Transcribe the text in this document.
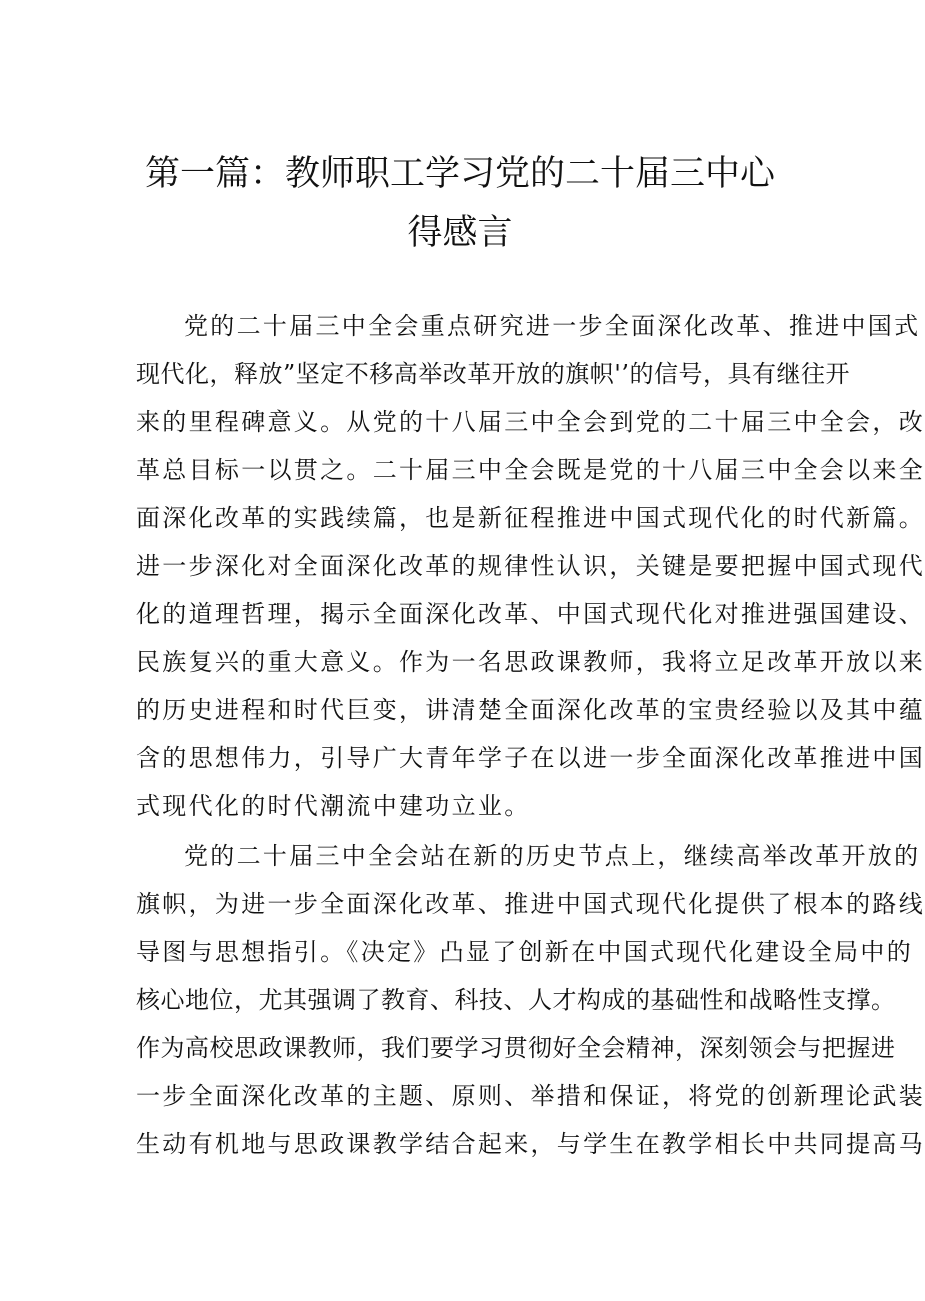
第一篇：教师职工学习党的二十届三中心
得感言
党的二十届三中全会重点研究进一步全面深化改革、推进中国式
现代化，释放”坚定不移高举改革开放的旗帜'’的信号，具有继往开
来的里程碑意义。从党的十八届三中全会到党的二十届三中全会，改
革总目标一以贯之。二十届三中全会既是党的十八届三中全会以来全
面深化改革的实践续篇，也是新征程推进中国式现代化的时代新篇。
进一步深化对全面深化改革的规律性认识，关键是要把握中国式现代
化的道理哲理，揭示全面深化改革、中国式现代化对推进强国建设、
民族复兴的重大意义。作为一名思政课教师，我将立足改革开放以来
的历史进程和时代巨变，讲清楚全面深化改革的宝贵经验以及其中蕴
含的思想伟力，引导广大青年学子在以进一步全面深化改革推进中国
式现代化的时代潮流中建功立业。
党的二十届三中全会站在新的历史节点上，继续高举改革开放的
旗帜，为进一步全面深化改革、推进中国式现代化提供了根本的路线
导图与思想指引。《决定》凸显了创新在中国式现代化建设全局中的
核心地位，尤其强调了教育、科技、人才构成的基础性和战略性支撑。
作为高校思政课教师，我们要学习贯彻好全会精神，深刻领会与把握进
一步全面深化改革的主题、原则、举措和保证，将党的创新理论武装
生动有机地与思政课教学结合起来，与学生在教学相长中共同提高马
